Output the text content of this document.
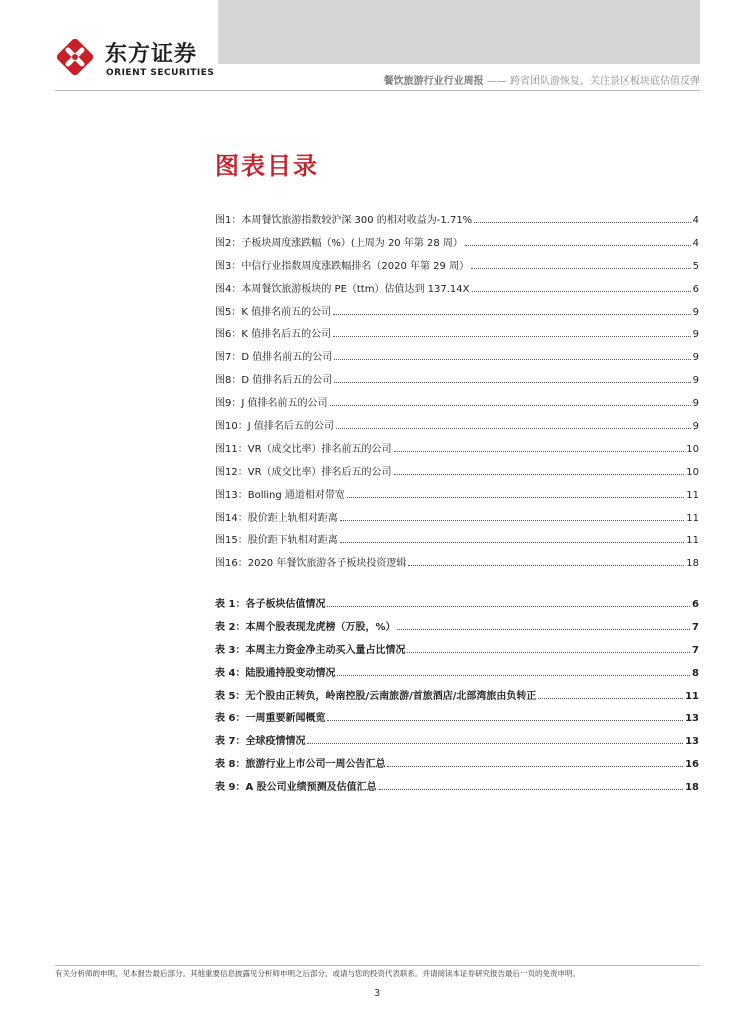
东方证券
ORIENT SECURITIES
餐饮旅游行业行业周报 —— 跨省团队游恢复，关注景区板块底估值反弹
图表目录
图1：本周餐饮旅游指数较沪深 300 的相对收益为-1.71%	4
图2：子板块周度涨跌幅（%）(上周为 20 年第 28 周）	4
图3：中信行业指数周度涨跌幅排名（2020 年第 29 周）	5
图4：本周餐饮旅游板块的 PE（ttm）估值达到 137.14X	6
图5：K 值排名前五的公司	9
图6：K 值排名后五的公司	9
图7：D 值排名前五的公司	9
图8：D 值排名后五的公司	9
图9：J 值排名前五的公司	9
图10：J 值排名后五的公司	9
图11：VR（成交比率）排名前五的公司	10
图12：VR（成交比率）排名后五的公司	10
图13：Bolling 通道相对带宽	11
图14：股价距上轨相对距离	11
图15：股价距下轨相对距离	11
图16：2020 年餐饮旅游各子板块投资逻辑	18
表 1：各子板块估值情况	6
表 2：本周个股表现龙虎榜（万股，%）	7
表 3：本周主力资金净主动买入量占比情况	7
表 4：陆股通持股变动情况	8
表 5：无个股由正转负，岭南控股/云南旅游/首旅酒店/北部湾旅由负转正	11
表 6：一周重要新闻概览	13
表 7：全球疫情情况	13
表 8：旅游行业上市公司一周公告汇总	16
表 9：A 股公司业绩预测及估值汇总	18
有关分析师的申明，见本报告最后部分。其他重要信息披露见分析师申明之后部分，或请与您的投资代表联系。并请阅读本证券研究报告最后一页的免责申明。
3
